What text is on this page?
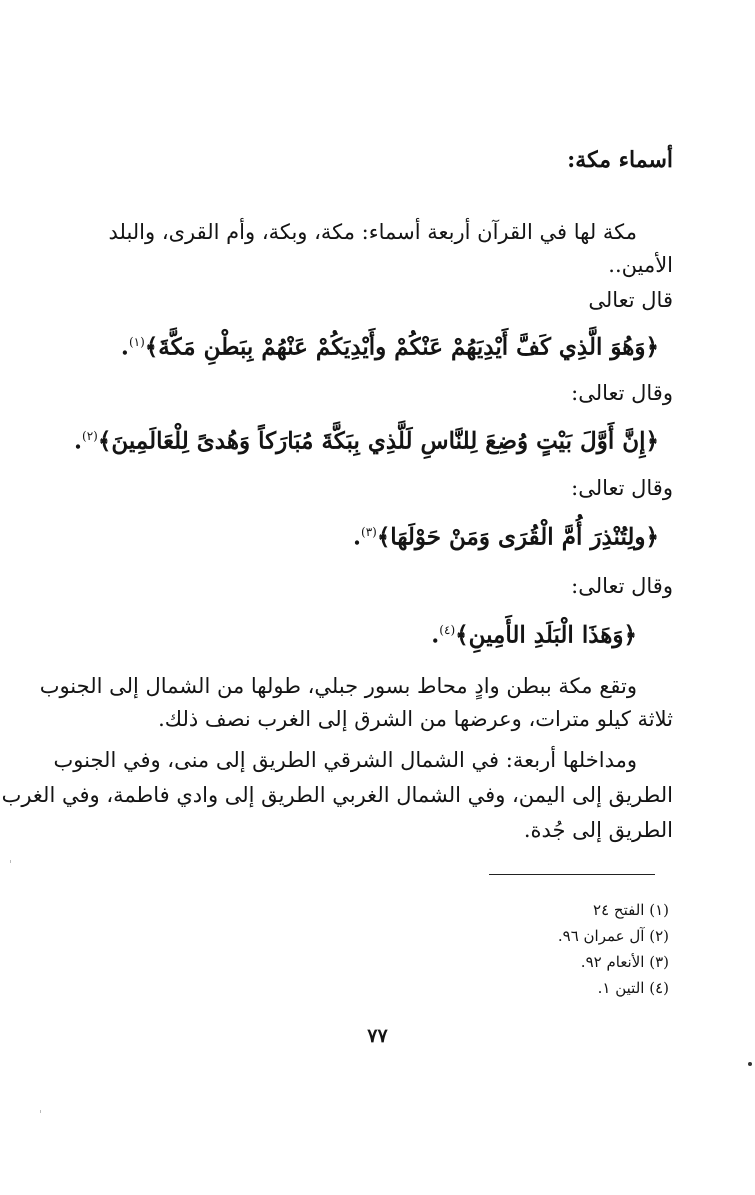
أسماء مكة:
مكة لها في القرآن أربعة أسماء: مكة، وبكة، وأم القرى، والبلد
الأمين..
قال تعالى
﴿وَهُوَ الَّذِي كَفَّ أَيْدِيَهُمْ عَنْكُمْ وأَيْدِيَكُمْ عَنْهُمْ بِبَطْنِ مَكَّةَ﴾$^{(١)}$.
وقال تعالى:
﴿إِنَّ أَوَّلَ بَيْتٍ وُضِعَ لِلنَّاسِ لَلَّذِي بِبَكَّةَ مُبَارَكاً وَهُدىً لِلْعَالَمِينَ﴾$^{(٢)}$.
وقال تعالى:
﴿ولِتُنْذِرَ أُمَّ الْقُرَى وَمَنْ حَوْلَهَا﴾$^{(٣)}$.
وقال تعالى:
﴿وَهَذَا الْبَلَدِ الأَمِينِ﴾$^{(٤)}$.
وتقع مكة ببطن وادٍ محاط بسور جبلي، طولها من الشمال إلى الجنوب
ثلاثة كيلو مترات، وعرضها من الشرق إلى الغرب نصف ذلك.
ومداخلها أربعة: في الشمال الشرقي الطريق إلى منى، وفي الجنوب
الطريق إلى اليمن، وفي الشمال الغربي الطريق إلى وادي فاطمة، وفي الغرب
الطريق إلى جُدة.
(١) الفتح ٢٤
(٢) آل عمران ٩٦.
(٣) الأنعام ٩٢.
(٤) التين ١.
٧٧
